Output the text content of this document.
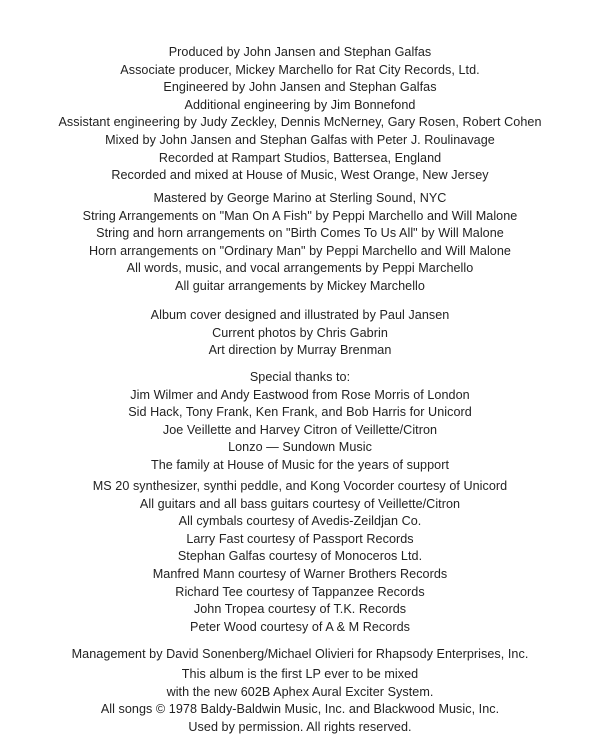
Produced by John Jansen and Stephan Galfas
Associate producer, Mickey Marchello for Rat City Records, Ltd.
Engineered by John Jansen and Stephan Galfas
Additional engineering by Jim Bonnefond
Assistant engineering by Judy Zeckley, Dennis McNerney, Gary Rosen, Robert Cohen
Mixed by John Jansen and Stephan Galfas with Peter J. Roulinavage
Recorded at Rampart Studios, Battersea, England
Recorded and mixed at House of Music, West Orange, New Jersey
Mastered by George Marino at Sterling Sound, NYC
String Arrangements on "Man On A Fish" by Peppi Marchello and Will Malone
String and horn arrangements on "Birth Comes To Us All" by Will Malone
Horn arrangements on "Ordinary Man" by Peppi Marchello and Will Malone
All words, music, and vocal arrangements by Peppi Marchello
All guitar arrangements by Mickey Marchello
Album cover designed and illustrated by Paul Jansen
Current photos by Chris Gabrin
Art direction by Murray Brenman
Special thanks to:
Jim Wilmer and Andy Eastwood from Rose Morris of London
Sid Hack, Tony Frank, Ken Frank, and Bob Harris for Unicord
Joe Veillette and Harvey Citron of Veillette/Citron
Lonzo — Sundown Music
The family at House of Music for the years of support
MS 20 synthesizer, synthi peddle, and Kong Vocorder courtesy of Unicord
All guitars and all bass guitars courtesy of Veillette/Citron
All cymbals courtesy of Avedis-Zeildjan Co.
Larry Fast courtesy of Passport Records
Stephan Galfas courtesy of Monoceros Ltd.
Manfred Mann courtesy of Warner Brothers Records
Richard Tee courtesy of Tappanzee Records
John Tropea courtesy of T.K. Records
Peter Wood courtesy of A & M Records
Management by David Sonenberg/Michael Olivieri for Rhapsody Enterprises, Inc.
This album is the first LP ever to be mixed
with the new 602B Aphex Aural Exciter System.
All songs © 1978 Baldy-Baldwin Music, Inc. and Blackwood Music, Inc.
Used by permission. All rights reserved.
